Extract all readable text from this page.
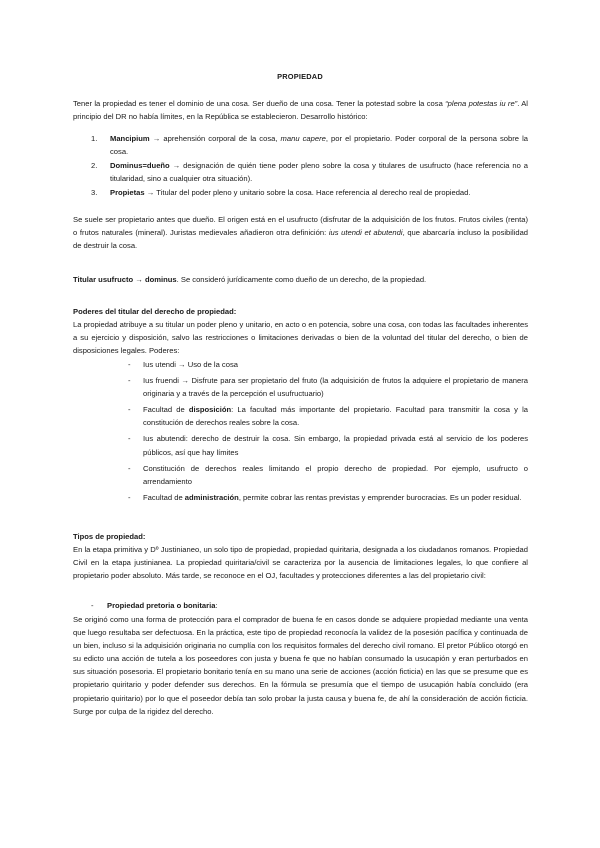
PROPIEDAD

Tener la propiedad es tener el dominio de una cosa. Ser dueño de una cosa. Tener la potestad sobre la cosa “plena potestas iu re”. Al principio del DR no había límites, en la República se establecieron. Desarrollo histórico:

1. Mancipium → aprehensión corporal de la cosa, manu capere, por el propietario. Poder corporal de la persona sobre la cosa.
2. Dominus=dueño → designación de quién tiene poder pleno sobre la cosa y titulares de usufructo (hace referencia no a titularidad, sino a cualquier otra situación).
3. Propietas → Titular del poder pleno y unitario sobre la cosa. Hace referencia al derecho real de propiedad.

Se suele ser propietario antes que dueño. El origen está en el usufructo (disfrutar de la adquisición de los frutos. Frutos civiles (renta) o frutos naturales (mineral). Juristas medievales añadieron otra definición: ius utendi et abutendi, que abarcaría incluso la posibilidad de destruir la cosa.

Titular usufructo → dominus. Se consideró jurídicamente como dueño de un derecho, de la propiedad.

Poderes del titular del derecho de propiedad:

La propiedad atribuye a su titular un poder pleno y unitario, en acto o en potencia, sobre una cosa, con todas las facultades inherentes a su ejercicio y disposición, salvo las restricciones o limitaciones derivadas o bien de la voluntad del titular del derecho, o bien de disposiciones legales. Poderes:

- Ius utendi → Uso de la cosa
- Ius fruendi → Disfrute para ser propietario del fruto (la adquisición de frutos la adquiere el propietario de manera originaria y a través de la percepción el usufructuario)
- Facultad de disposición: La facultad más importante del propietario. Facultad para transmitir la cosa y la constitución de derechos reales sobre la cosa.
- Ius abutendi: derecho de destruir la cosa. Sin embargo, la propiedad privada está al servicio de los poderes públicos, así que hay límites
- Constitución de derechos reales limitando el propio derecho de propiedad. Por ejemplo, usufructo o arrendamiento
- Facultad de administración, permite cobrar las rentas previstas y emprender burocracias. Es un poder residual.
Tipos de propiedad:

En la etapa primitiva y Dº Justinianeo, un solo tipo de propiedad, propiedad quiritaria, designada a los ciudadanos romanos. Propiedad Civil en la etapa justinianea. La propiedad quiritaria/civil se caracteriza por la ausencia de limitaciones legales, lo que confiere al propietario poder absoluto. Más tarde, se reconoce en el OJ, facultades y protecciones diferentes a las del propietario civil:

- Propiedad pretoria o bonitaria:

Se originó como una forma de protección para el comprador de buena fe en casos donde se adquiere propiedad mediante una venta que luego resultaba ser defectuosa. En la práctica, este tipo de propiedad reconocía la validez de la posesión pacífica y continuada de un bien, incluso si la adquisición originaria no cumplía con los requisitos formales del derecho civil romano. El pretor Público otorgó en su edicto una acción de tutela a los poseedores con justa y buena fe que no habían consumado la usucapión y eran perturbados en sus situación posesoria. El propietario bonitario tenía en su mano una serie de acciones (acción ficticia) en las que se presume que es propietario quiritario y poder defender sus derechos. En la fórmula se presumía que el tiempo de usucapión había concluido (era propietario quiritario) por lo que el poseedor debía tan solo probar la justa causa y buena fe, de ahí la consideración de acción ficticia. Surge por culpa de la rigidez del derecho.
